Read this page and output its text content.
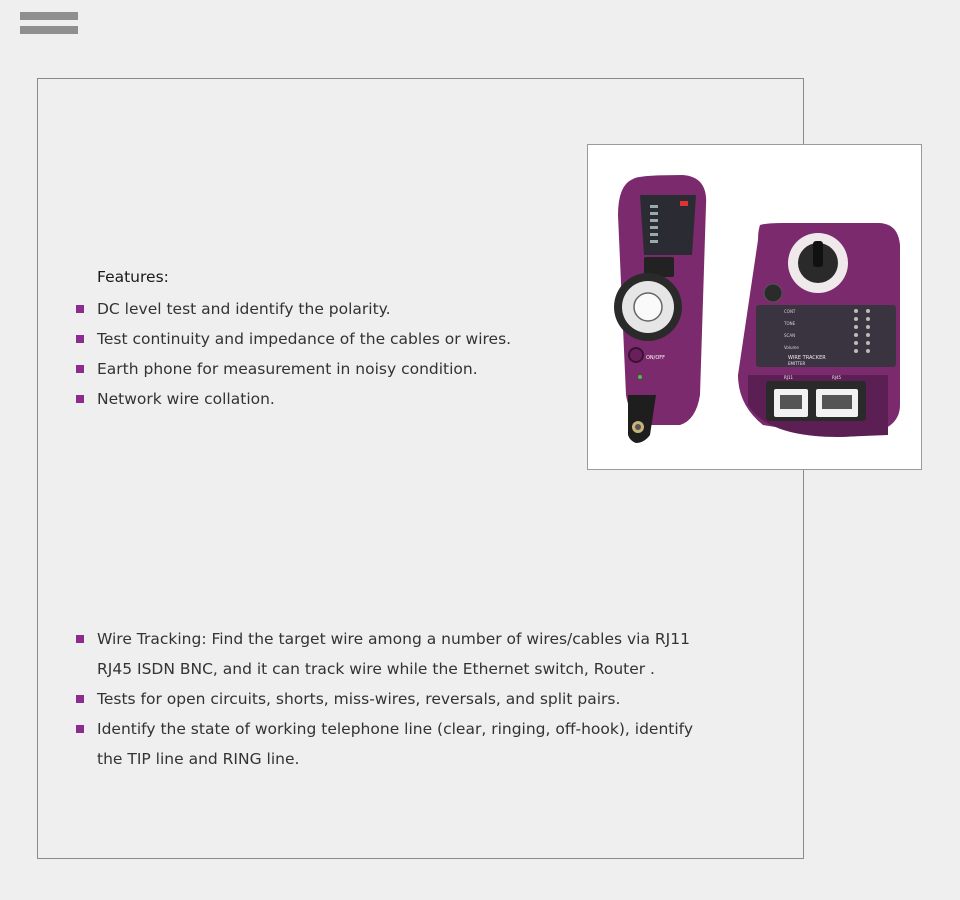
Features:
DC level test and identify the polarity.
Test continuity and impedance of the cables or wires.
Earth phone for measurement in noisy condition.
Network wire collation.
Wire Tracking: Find the target wire among a number of wires/cables via RJ11 RJ45 ISDN BNC, and it can track wire while the Ethernet switch, Router .
Tests for open circuits, shorts, miss-wires, reversals, and split pairs.
Identify the state of working telephone line (clear, ringing, off-hook), identify the TIP line and RING line.
ON/OFF
CONT
TONE
SCAN
Volume
WIRE TRACKER
EMITTER
RJ11	RJ45
